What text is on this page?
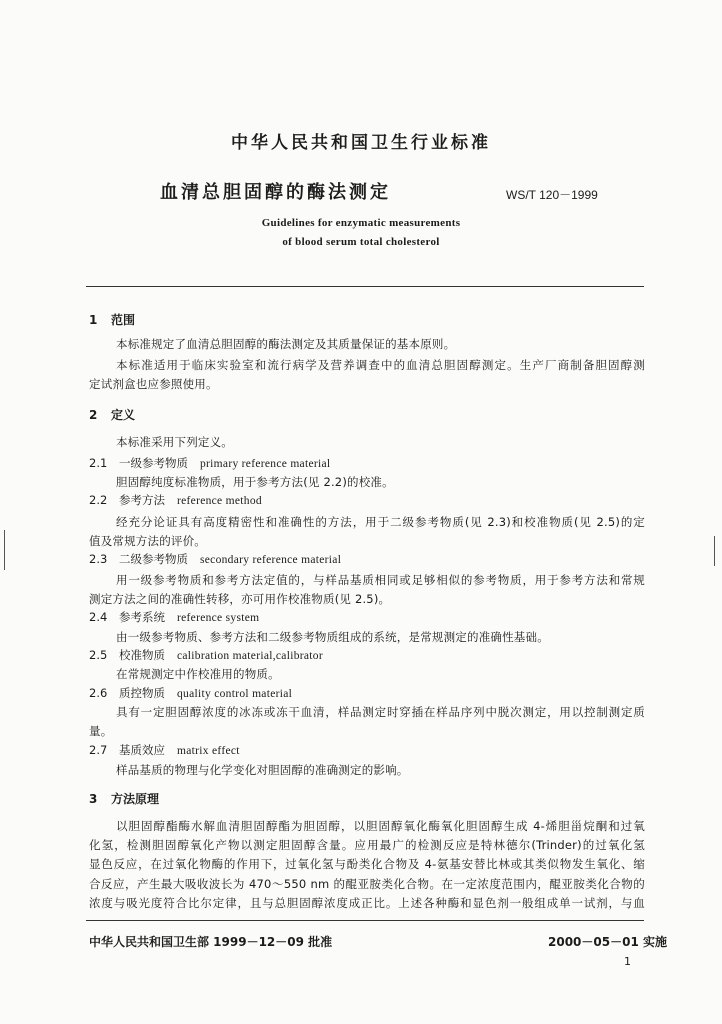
中华人民共和国卫生行业标准
血清总胆固醇的酶法测定	WS/T 120－1999
Guidelines for enzymatic measurements
of blood serum total cholesterol
1 范围
本标准规定了血清总胆固醇的酶法测定及其质量保证的基本原则。
本标准适用于临床实验室和流行病学及营养调查中的血清总胆固醇测定。生产厂商制备胆固醇测
定试剂盒也应参照使用。
2 定义
本标准采用下列定义。
2.1 一级参考物质 primary reference material
胆固醇纯度标准物质，用于参考方法(见 2.2)的校准。
2.2 参考方法 reference method
经充分论证具有高度精密性和准确性的方法，用于二级参考物质(见 2.3)和校准物质(见 2.5)的定
值及常规方法的评价。
2.3 二级参考物质 secondary reference material
用一级参考物质和参考方法定值的，与样品基质相同或足够相似的参考物质，用于参考方法和常规
测定方法之间的准确性转移，亦可用作校准物质(见 2.5)。
2.4 参考系统 reference system
由一级参考物质、参考方法和二级参考物质组成的系统，是常规测定的准确性基础。
2.5 校准物质 calibration material,calibrator
在常规测定中作校准用的物质。
2.6 质控物质 quality control material
具有一定胆固醇浓度的冰冻或冻干血清，样品测定时穿插在样品序列中脱次测定，用以控制测定质
量。
2.7 基质效应 matrix effect
样品基质的物理与化学变化对胆固醇的准确测定的影响。
3 方法原理
以胆固醇酯酶水解血清胆固醇酯为胆固醇，以胆固醇氧化酶氧化胆固醇生成 4-烯胆甾烷酮和过氧
化氢，检测胆固醇氧化产物以测定胆固醇含量。应用最广的检测反应是特林德尔(Trinder)的过氧化氢
显色反应，在过氧化物酶的作用下，过氧化氢与酚类化合物及 4-氨基安替比林或其类似物发生氧化、缩
合反应，产生最大吸收波长为 470～550 nm 的醌亚胺类化合物。在一定浓度范围内，醌亚胺类化合物的
浓度与吸光度符合比尔定律，且与总胆固醇浓度成正比。上述各种酶和显色剂一般组成单一试剂，与血
中华人民共和国卫生部 1999－12－09 批准	2000－05－01 实施
1
